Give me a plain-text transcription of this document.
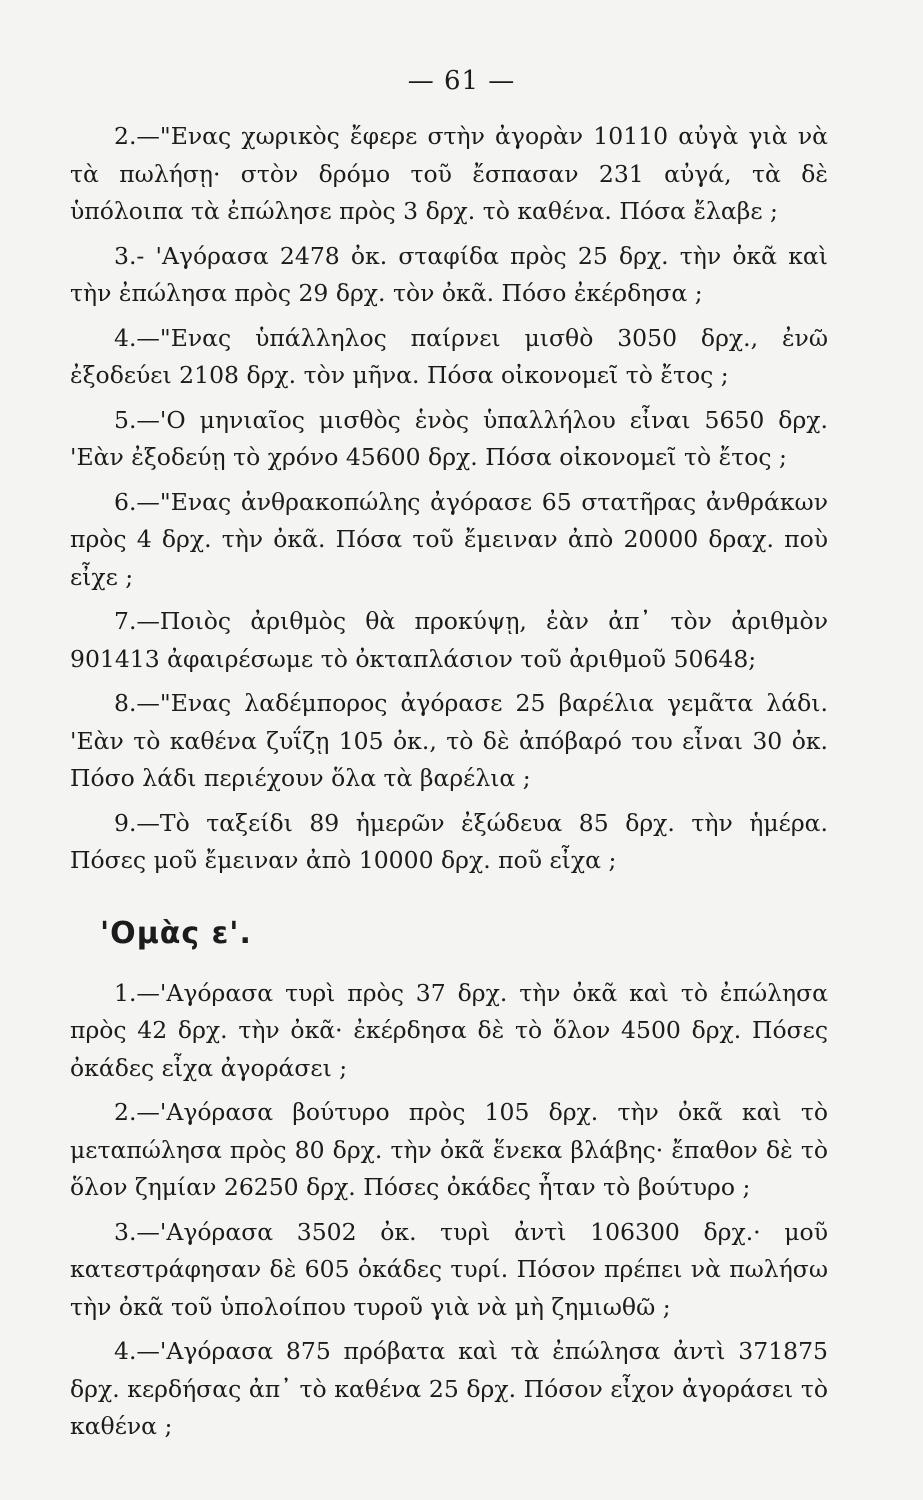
— 61 —

2.—"Ενας χωρικὸς ἔφερε στὴν ἀγορὰν 10110 αὐγὰ γιὰ νὰ τὰ πωλήσῃ· στὸν δρόμο τοῦ ἔσπασαν 231 αὐγά, τὰ δὲ ὑπόλοιπα τὰ ἐπώλησε πρὸς 3 δρχ. τὸ καθένα. Πόσα ἔλαβε ;

3.- 'Αγόρασα 2478 ὀκ. σταφίδα πρὸς 25 δρχ. τὴν ὀκᾶ καὶ τὴν ἐπώλησα πρὸς 29 δρχ. τὸν ὀκᾶ. Πόσο ἐκέρδησα ;

4.—"Ενας ὑπάλληλος παίρνει μισθὸ 3050 δρχ., ἐνῶ ἐξοδεύει 2108 δρχ. τὸν μῆνα. Πόσα οἰκονομεῖ τὸ ἔτος ;

5.—'Ο μηνιαῖος μισθὸς ἑνὸς ὑπαλλήλου εἶναι 5650 δρχ. 'Εὰν ἐξοδεύῃ τὸ χρόνο 45600 δρχ. Πόσα οἰκονομεῖ τὸ ἔτος ;

6.—"Ενας ἀνθρακοπώλης ἀγόρασε 65 στατῆρας ἀνθράκων πρὸς 4 δρχ. τὴν ὀκᾶ. Πόσα τοῦ ἔμειναν ἀπὸ 20000 δραχ. ποὺ εἶχε ;

7.—Ποιὸς ἀριθμὸς θὰ προκύψῃ, ἐὰν ἀπ᾽ τὸν ἀριθμὸν 901413 ἀφαιρέσωμε τὸ ὀκταπλάσιον τοῦ ἀριθμοῦ 50648;

8.—"Ενας λαδέμπορος ἀγόρασε 25 βαρέλια γεμᾶτα λάδι. 'Εὰν τὸ καθένα ζυΐζῃ 105 ὀκ., τὸ δὲ ἀπόβαρό του εἶναι 30 ὀκ. Πόσο λάδι περιέχουν ὅλα τὰ βαρέλια ;

9.—Τὸ ταξείδι 89 ἡμερῶν ἐξώδευα 85 δρχ. τὴν ἡμέρα. Πόσες μοῦ ἔμειναν ἀπὸ 10000 δρχ. ποῦ εἶχα ;

'Ομὰς ε'.

1.—'Αγόρασα τυρὶ πρὸς 37 δρχ. τὴν ὀκᾶ καὶ τὸ ἐπώλησα πρὸς 42 δρχ. τὴν ὀκᾶ· ἐκέρδησα δὲ τὸ ὅλον 4500 δρχ. Πόσες ὀκάδες εἶχα ἀγοράσει ;

2.—'Αγόρασα βούτυρο πρὸς 105 δρχ. τὴν ὀκᾶ καὶ τὸ μεταπώλησα πρὸς 80 δρχ. τὴν ὀκᾶ ἕνεκα βλάβης· ἔπαθον δὲ τὸ ὅλον ζημίαν 26250 δρχ. Πόσες ὀκάδες ἦταν τὸ βούτυρο ;

3.—'Αγόρασα 3502 ὀκ. τυρὶ ἀντὶ 106300 δρχ.· μοῦ κατεστράφησαν δὲ 605 ὀκάδες τυρί. Πόσον πρέπει νὰ πωλήσω τὴν ὀκᾶ τοῦ ὑπολοίπου τυροῦ γιὰ νὰ μὴ ζημιωθῶ ;

4.—'Αγόρασα 875 πρόβατα καὶ τὰ ἐπώλησα ἀντὶ 371875 δρχ. κερδήσας ἀπ᾽ τὸ καθένα 25 δρχ. Πόσον εἶχον ἀγοράσει τὸ καθένα ;
